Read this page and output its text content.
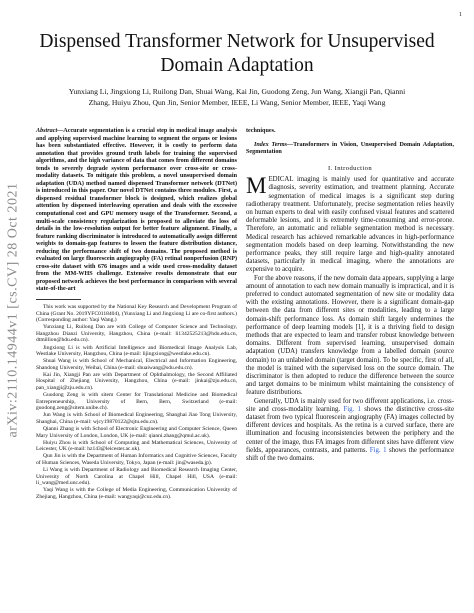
1
arXiv:2110.14944v1 [cs.CV] 28 Oct 2021
Dispensed Transformer Network for Unsupervised Domain Adaptation
Yunxiang Li, Jingxiong Li, Ruilong Dan, Shuai Wang, Kai Jin, Guodong Zeng, Jun Wang, Xiangji Pan, Qianni
Zhang, Huiyu Zhou, Qun Jin, Senior Member, IEEE, Li Wang, Senior Member, IEEE, Yaqi Wang

Abstract—Accurate segmentation is a crucial step in medical image analysis and applying supervised machine learning to segment the organs or lesions has been substantiated effective. However, it is costly to perform data annotation that provides ground truth labels for training the supervised algorithms, and the high variance of data that comes from different domains tends to severely degrade system performance over cross-site or cross-modality datasets. To mitigate this problem, a novel unsupervised domain adaptation (UDA) method named dispensed Transformer network (DTNet) is introduced in this paper. Our novel DTNet contains three modules. First, a dispensed residual transformer block is designed, which realizes global attention by dispensed interleaving operation and deals with the excessive computational cost and GPU memory usage of the Transformer. Second, a multi-scale consistency regularization is proposed to alleviate the loss of details in the low-resolution output for better feature alignment. Finally, a feature ranking discriminator is introduced to automatically assign different weights to domain-gap features to lessen the feature distribution distance, reducing the performance shift of two domains. The proposed method is evaluated on large fluorescein angiography (FA) retinal nonperfusion (RNP) cross-site dataset with 676 images and a wide used cross-modality dataset from the MM-WHS challenge. Extensive results demonstrate that our proposed network achieves the best performance in comparison with several state-of-the-art

This work was supported by the National Key Research and Development Program of China (Grant No. 2019YFC0118404), (Yunxiang Li and Jingxiong Li are co-first authors.) (Corresponding author: Yaqi Wang.)

Yunxiang Li, Ruilong Dan are with College of Computer Science and Technology, Hangzhou Dianzi University, Hangzhou, China (e-mail: li1342525213@hdu.edu.cn, dtmillion@hdu.edu.cn).

Jingxiong Li is with Artificial Intelligence and Biomedical Image Analysis Lab, Westlake University, Hangzhou, China (e-mail: lijingxiong@westlake.edu.cn).

Shuai Wang is with School of Mechanical, Electrical and Information Engineering, Shandong University, Weihai, China (e-mail: shuaiwang@sdu.edu.cn).

Kai Jin, Xiangji Pan are with Department of Ophthalmology, the Second Affiliated Hospital of Zhejiang University, Hangzhou, China (e-mail: jinkai@zju.edu.cn, pan_xiangji@zju.edu.cn).

Guodong Zeng is with sitem Center for Translational Medicine and Biomedical Entrepreneurship, University of Bern, Bern, Switzerland (e-mail: guodong.zeng@sitem.unibe.ch).

Jun Wang is with School of Biomedical Engineering, Shanghai Jiao Tong University, Shanghai, China (e-mail: wjcy19870122@sjtu.edu.cn).

Qianni Zhang is with School of Electronic Engineering and Computer Science, Queen Mary University of London, London, UK (e-mail: qianni.zhang@qmul.ac.uk).

Huiyu Zhou is with School of Computing and Mathematical Sciences, University of Leicester, UK (e-mail: hz143@leicester.ac.uk).

Qun Jin is with the Department of Human Informatics and Cognitive Sciences, Faculty of Human Sciences, Waseda University, Tokyo, Japan (e-mail: jin@waseda.jp).

Li Wang is with Department of Radiology and Biomedical Research Imaging Center, University of North Carolina at Chapel Hill, Chapel Hill, USA (e-mail: li_wang@med.unc.edu).

Yaqi Wang is with the College of Media Engineering, Communication University of Zhejiang, Hangzhou, China (e-mail: wangyaqi@cuz.edu.cn).

techniques.

Index Terms—Transformers in Vision, Unsupervised Domain Adaptation, Segmentation

I. Introduction

MEDICAL imaging is mainly used for quantitative and accurate diagnosis, severity estimation, and treatment planning. Accurate segmentation of medical images is a significant step during radiotherapy treatment. Unfortunately, precise segmentation relies heavily on human experts to deal with easily confused visual features and scattered deformable lesions, and it is extremely time-consuming and error-prone. Therefore, an automatic and reliable segmentation method is necessary. Medical research has achieved remarkable advances in high-performance segmentation models based on deep learning. Notwithstanding the new performance peaks, they still require large and high-quality annotated datasets, particularly in medical imaging, where the annotations are expensive to acquire.

For the above reasons, if the new domain data appears, supplying a large amount of annotation to each new domain manually is impractical, and it is preferred to conduct automated segmentation of new site or modality data with the existing annotations. However, there is a significant domain-gap between the data from different sites or modalities, leading to a large domain-shift performance loss. As domain shift largely undermines the performance of deep learning models [1], it is a thriving field to design methods that are expected to learn and transfer robust knowledge between domains. Different from supervised learning, unsupervised domain adaptation (UDA) transfers knowledge from a labelled domain (source domain) to an unlabeled domain (target domain). To be specific, first of all, the model is trained with the supervised loss on the source domain. The discriminator is then adopted to reduce the difference between the source and target domains to be minimum whilst maintaining the consistency of feature distributions.

Generally, UDA is mainly used for two different applications, i.e. cross-site and cross-modality learning. Fig. 1 shows the distinctive cross-site dataset from two typical fluorescein angiography (FA) images collected by different devices and hospitals. As the retina is a curved surface, there are illumination and focusing inconsistencies between the periphery and the center of the image, thus FA images from different sites have different view fields, appearances, contrasts, and patterns. Fig. 1 shows the performance shift of the two domains.
